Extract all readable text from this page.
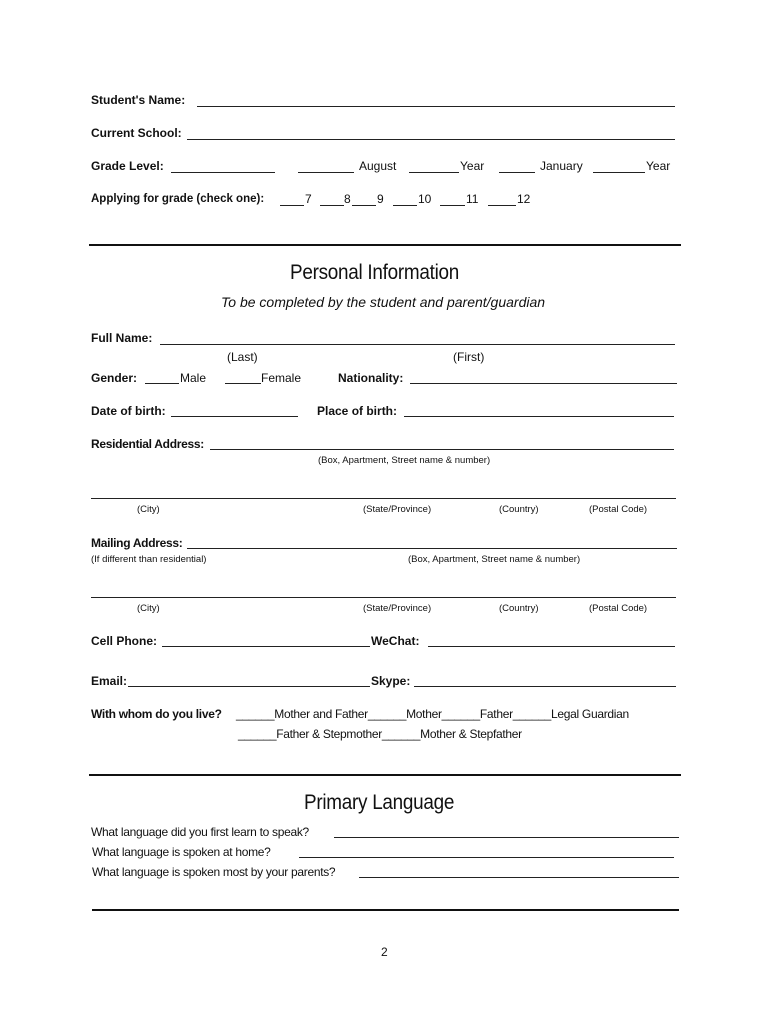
Student's Name:
Current School:
Grade Level:	August	Year	January	Year
Applying for grade (check one):	7	8 9	10	11	12
Personal Information
To be completed by the student and parent/guardian
Full Name:
(Last)	(First)
Gender:	Male	Female	Nationality:
Date of birth:	Place of birth:
Residential Address:
(Box, Apartment, Street name & number)
(City)	(State/Province)	(Country)	(Postal Code)
Mailing Address:
(If different than residential)	(Box, Apartment, Street name & number)
(City)	(State/Province)	(Country)	(Postal Code)
Cell Phone:	WeChat:
Email:	Skype:
With whom do you live? ______Mother and Father______Mother______Father______Legal Guardian
______Father & Stepmother______Mother & Stepfather
Primary Language
What language did you first learn to speak?
What language is spoken at home?
What language is spoken most by your parents?
2
